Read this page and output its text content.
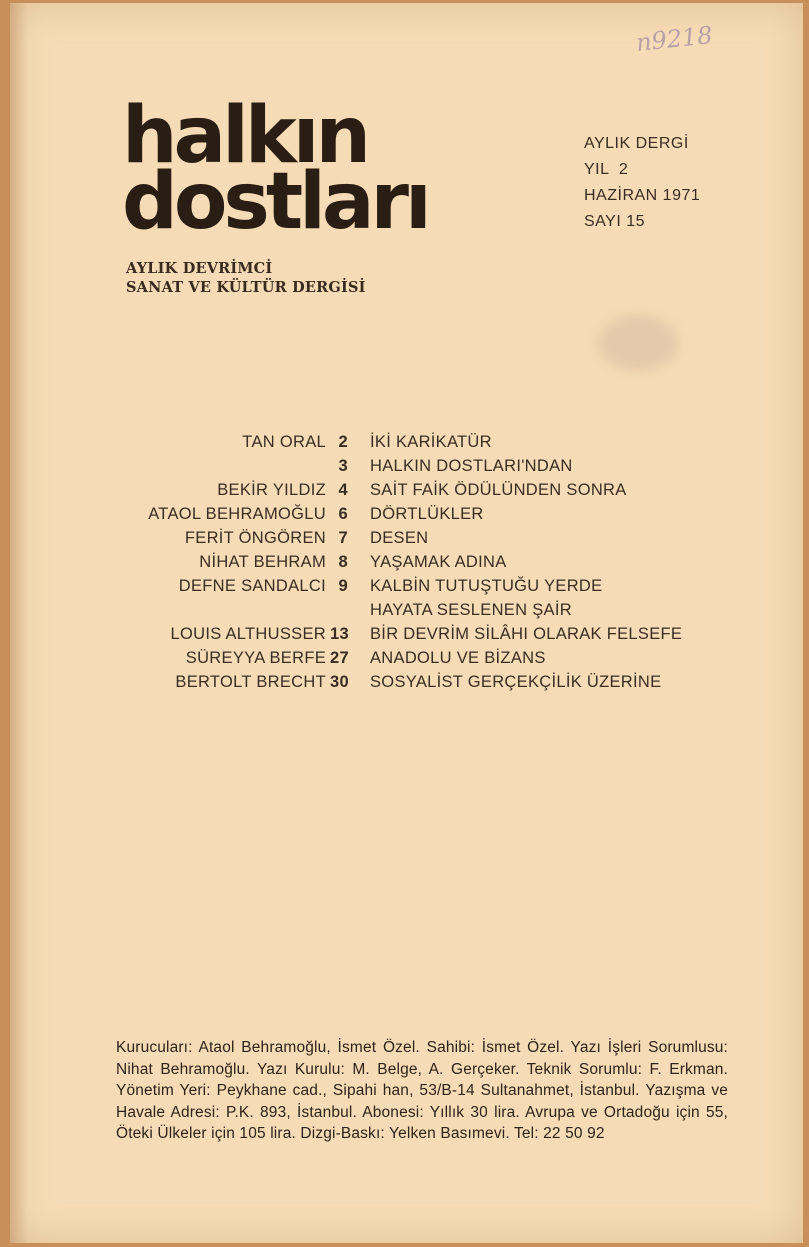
n9218
halkın
dostları
AYLIK DEVRİMCİ
SANAT VE KÜLTÜR DERGİSİ
AYLIK DERGİ
YIL  2
HAZİRAN 1971
SAYI 15
TAN ORAL 2 İKİ KARİKATÜR
3 HALKIN DOSTLARI'NDAN
BEKİR YILDIZ 4 SAİT FAİK ÖDÜLÜNDEN SONRA
ATAOL BEHRAMOĞLU 6 DÖRTLÜKLER
FERİT ÖNGÖREN 7 DESEN
NİHAT BEHRAM 8 YAŞAMAK ADINA
DEFNE SANDALCI 9 KALBİN TUTUŞTUĞU YERDE
HAYATA SESLENEN ŞAİR
LOUIS ALTHUSSER 13 BİR DEVRİM SİLÂHI OLARAK FELSEFE
SÜREYYA BERFE 27 ANADOLU VE BİZANS
BERTOLT BRECHT 30 SOSYALİST GERÇEKÇİLİK ÜZERİNE
Kurucuları: Ataol Behramoğlu, İsmet Özel. Sahibi: İsmet Özel. Yazı İşleri Sorumlusu: Nihat Behramoğlu. Yazı Kurulu: M. Belge, A. Gerçeker. Teknik Sorumlu: F. Erkman. Yönetim Yeri: Peykhane cad., Sipahi han, 53/B-14 Sultanahmet, İstanbul. Yazışma ve Havale Adresi: P.K. 893, İstanbul. Abonesi: Yıllık 30 lira. Avrupa ve Ortadoğu için 55, Öteki Ülkeler için 105 lira. Dizgi-Baskı: Yelken Basımevi. Tel: 22 50 92
